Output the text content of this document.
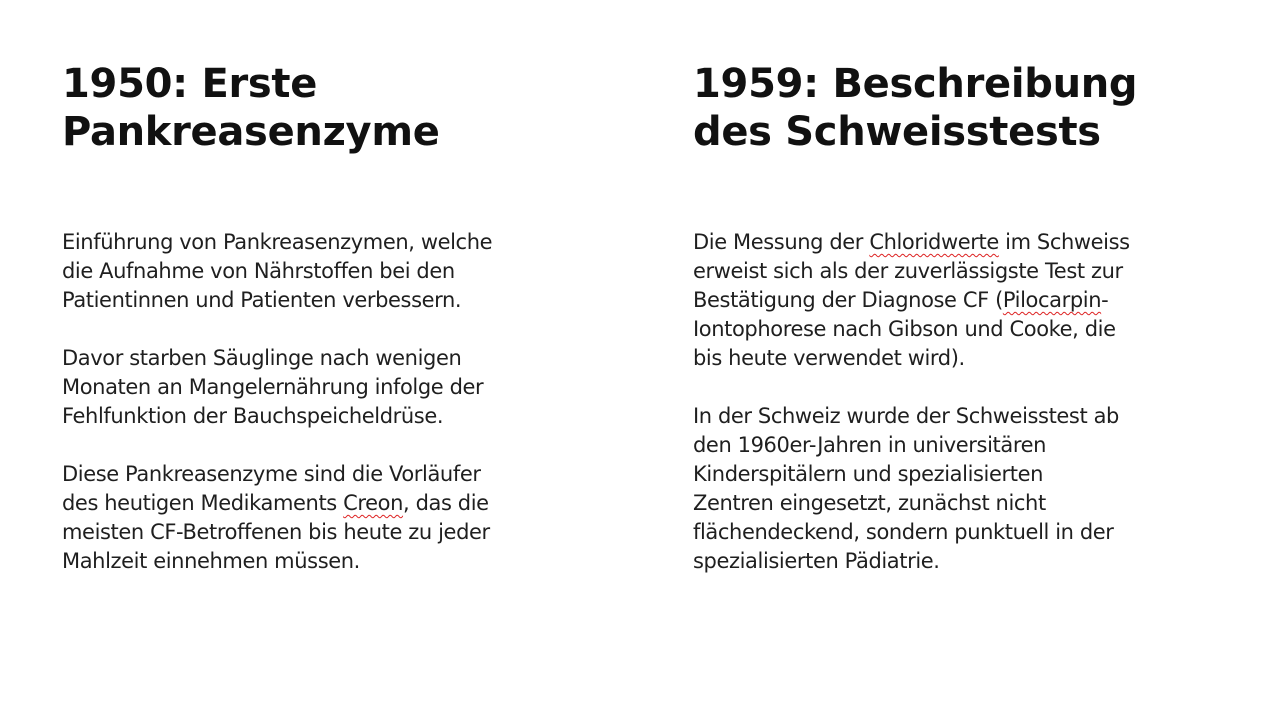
1950: Erste
Pankreasenzyme
Einführung von Pankreasenzymen, welche
die Aufnahme von Nährstoffen bei den
Patientinnen und Patienten verbessern.
Davor starben Säuglinge nach wenigen
Monaten an Mangelernährung infolge der
Fehlfunktion der Bauchspeicheldrüse.
Diese Pankreasenzyme sind die Vorläufer
des heutigen Medikaments Creon, das die
meisten CF-Betroffenen bis heute zu jeder
Mahlzeit einnehmen müssen.
1959: Beschreibung
des Schweisstests
Die Messung der Chloridwerte im Schweiss
erweist sich als der zuverlässigste Test zur
Bestätigung der Diagnose CF (Pilocarpin-
Iontophorese nach Gibson und Cooke, die
bis heute verwendet wird).
In der Schweiz wurde der Schweisstest ab
den 1960er-Jahren in universitären
Kinderspitälern und spezialisierten
Zentren eingesetzt, zunächst nicht
flächendeckend, sondern punktuell in der
spezialisierten Pädiatrie.
